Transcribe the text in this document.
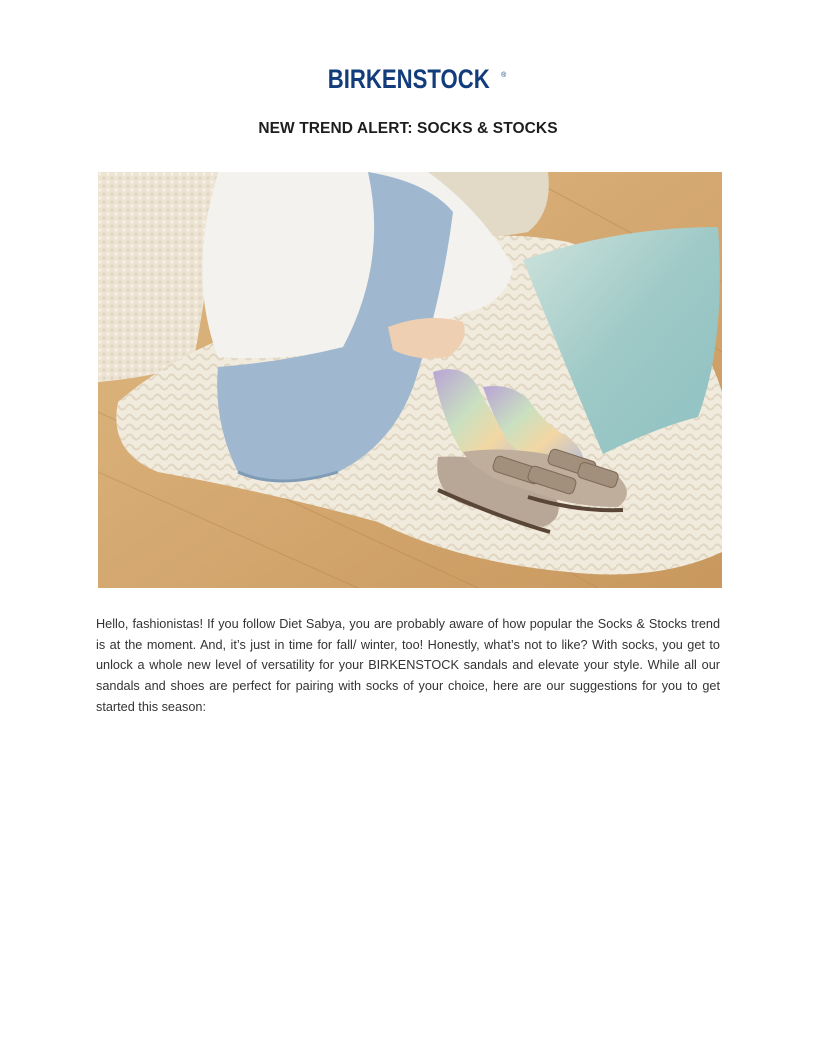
BIRKENSTOCK ®
NEW TREND ALERT: SOCKS & STOCKS
Hello, fashionistas! If you follow Diet Sabya, you are probably aware of how popular the Socks & Stocks trend is at the moment. And, it’s just in time for fall/ winter, too! Honestly, what’s not to like? With socks, you get to unlock a whole new level of versatility for your BIRKENSTOCK sandals and elevate your style. While all our sandals and shoes are perfect for pairing with socks of your choice, here are our suggestions for you to get started this season:
